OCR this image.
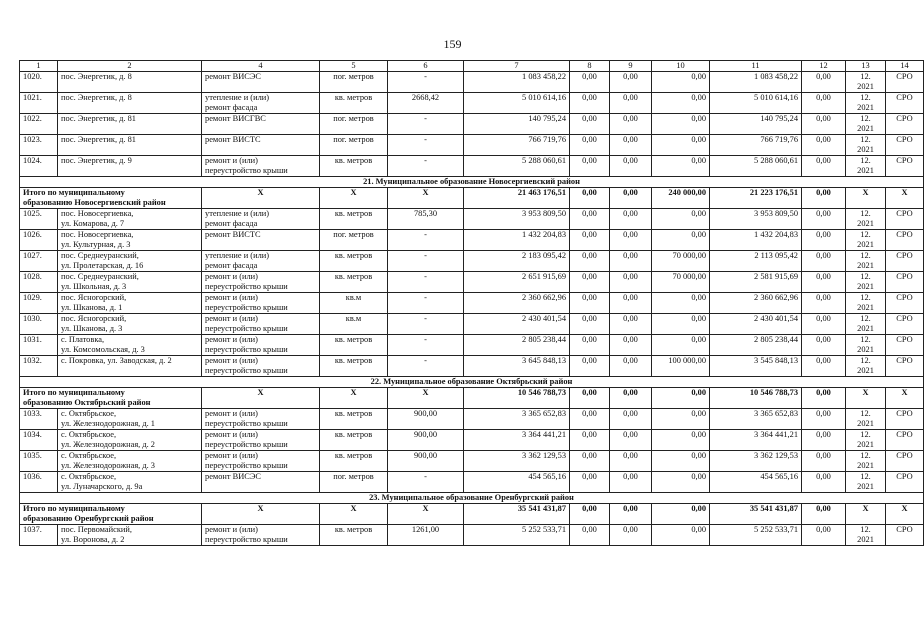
159
1	2	4	5	6	7	8	9	10	11	12	13	14
1020.	пос. Энергетик, д. 8	ремонт ВИСЭС	пог. метров	-	1 083 458,22	0,00	0,00	0,00	1 083 458,22	0,00	12.
2021	СРО
1021.	пос. Энергетик, д. 8	утепление и (или)
ремонт фасада	кв. метров	2668,42	5 010 614,16	0,00	0,00	0,00	5 010 614,16	0,00	12.
2021	СРО
1022.	пос. Энергетик, д. 81	ремонт ВИСГВС	пог. метров	-	140 795,24	0,00	0,00	0,00	140 795,24	0,00	12.
2021	СРО
1023.	пос. Энергетик, д. 81	ремонт ВИСТС	пог. метров	-	766 719,76	0,00	0,00	0,00	766 719,76	0,00	12.
2021	СРО
1024.	пос. Энергетик, д. 9	ремонт и (или)
переустройство крыши	кв. метров	-	5 288 060,61	0,00	0,00	0,00	5 288 060,61	0,00	12.
2021	СРО
21. Муниципальное образование Новосергиевский район												
Итого по муниципальному
образованию Новосергиевский район		X	X	X	21 463 176,51	0,00	0,00	240 000,00	21 223 176,51	0,00	X	X
1025.	пос. Новосергиевка,
ул. Комарова, д. 7	утепление и (или)
ремонт фасада	кв. метров	785,30	3 953 809,50	0,00	0,00	0,00	3 953 809,50	0,00	12.
2021	СРО
1026.	пос. Новосергиевка,
ул. Культурная, д. 3	ремонт ВИСТС	пог. метров	-	1 432 204,83	0,00	0,00	0,00	1 432 204,83	0,00	12.
2021	СРО
1027.	пос. Среднеуранский,
ул. Пролетарская, д. 16	утепление и (или)
ремонт фасада	кв. метров	-	2 183 095,42	0,00	0,00	70 000,00	2 113 095,42	0,00	12.
2021	СРО
1028.	пос. Среднеуранский,
ул. Школьная, д. 3	ремонт и (или)
переустройство крыши	кв. метров	-	2 651 915,69	0,00	0,00	70 000,00	2 581 915,69	0,00	12.
2021	СРО
1029.	пос. Ясногорский,
ул. Шканова, д. 1	ремонт и (или)
переустройство крыши	кв.м	-	2 360 662,96	0,00	0,00	0,00	2 360 662,96	0,00	12.
2021	СРО
1030.	пос. Ясногорский,
ул. Шканова, д. 3	ремонт и (или)
переустройство крыши	кв.м	-	2 430 401,54	0,00	0,00	0,00	2 430 401,54	0,00	12.
2021	СРО
1031.	с. Платовка,
ул. Комсомольская, д. 3	ремонт и (или)
переустройство крыши	кв. метров	-	2 805 238,44	0,00	0,00	0,00	2 805 238,44	0,00	12.
2021	СРО
1032.	с. Покровка, ул. Заводская, д. 2	ремонт и (или)
переустройство крыши	кв. метров	-	3 645 848,13	0,00	0,00	100 000,00	3 545 848,13	0,00	12.
2021	СРО
22. Муниципальное образование Октябрьский район												
Итого по муниципальному
образованию Октябрьский район		X	X	X	10 546 788,73	0,00	0,00	0,00	10 546 788,73	0,00	X	X
1033.	с. Октябрьское,
ул. Железнодорожная, д. 1	ремонт и (или)
переустройство крыши	кв. метров	900,00	3 365 652,83	0,00	0,00	0,00	3 365 652,83	0,00	12.
2021	СРО
1034.	с. Октябрьское,
ул. Железнодорожная, д. 2	ремонт и (или)
переустройство крыши	кв. метров	900,00	3 364 441,21	0,00	0,00	0,00	3 364 441,21	0,00	12.
2021	СРО
1035.	с. Октябрьское,
ул. Железнодорожная, д. 3	ремонт и (или)
переустройство крыши	кв. метров	900,00	3 362 129,53	0,00	0,00	0,00	3 362 129,53	0,00	12.
2021	СРО
1036.	с. Октябрьское,
ул. Луначарского, д. 9а	ремонт ВИСЭС	пог. метров	-	454 565,16	0,00	0,00	0,00	454 565,16	0,00	12.
2021	СРО
23. Муниципальное образование Оренбургский район												
Итого по муниципальному
образованию Оренбургский район		X	X	X	35 541 431,87	0,00	0,00	0,00	35 541 431,87	0,00	X	X
1037.	пос. Первомайский,
ул. Воронова, д. 2	ремонт и (или)
переустройство крыши	кв. метров	1261,00	5 252 533,71	0,00	0,00	0,00	5 252 533,71	0,00	12.
2021	СРО
